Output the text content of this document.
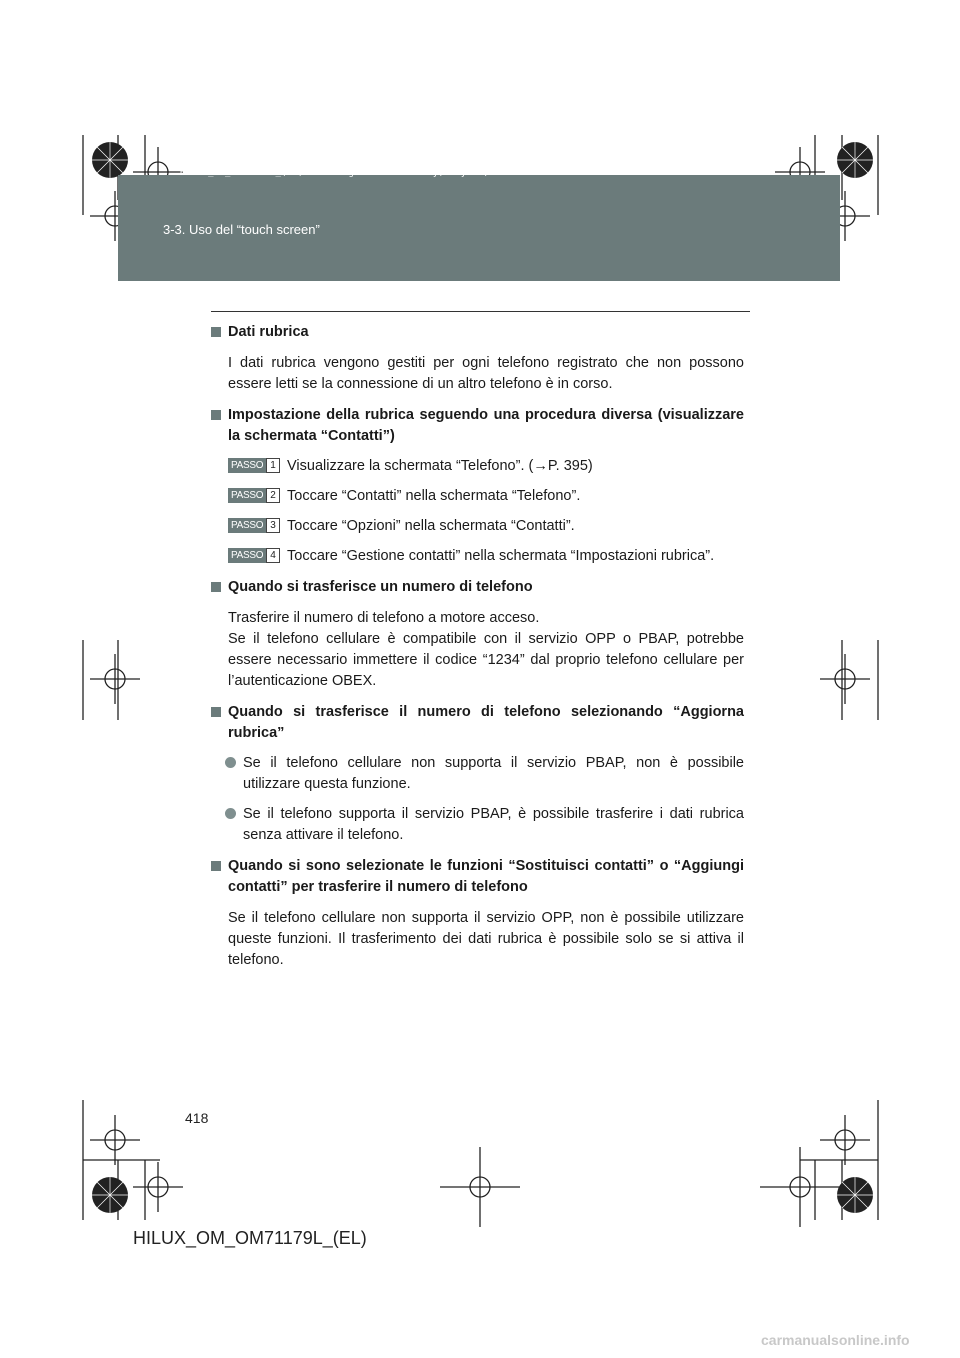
HILUX_OM_OM71179L_(EL).book Page 418 Wednesday, May 16, 2012 11:37 AM
3-3. Uso del “touch screen”
Dati rubrica
I dati rubrica vengono gestiti per ogni telefono registrato che non possono essere letti se la connessione di un altro telefono è in corso.
Impostazione della rubrica seguendo una procedura diversa (visualizzare la schermata “Contatti”)
PASSO 1 Visualizzare la schermata “Telefono”. (→P. 395)
PASSO 2 Toccare “Contatti” nella schermata “Telefono”.
PASSO 3 Toccare “Opzioni” nella schermata “Contatti”.
PASSO 4 Toccare “Gestione contatti” nella schermata “Impostazioni rubrica”.
Quando si trasferisce un numero di telefono
Trasferire il numero di telefono a motore acceso.
Se il telefono cellulare è compatibile con il servizio OPP o PBAP, potrebbe essere necessario immettere il codice “1234” dal proprio telefono cellulare per l’autenticazione OBEX.
Quando si trasferisce il numero di telefono selezionando “Aggiorna rubrica”
Se il telefono cellulare non supporta il servizio PBAP, non è possibile utilizzare questa funzione.
Se il telefono supporta il servizio PBAP, è possibile trasferire i dati rubrica senza attivare il telefono.
Quando si sono selezionate le funzioni “Sostituisci contatti” o “Aggiungi contatti” per trasferire il numero di telefono
Se il telefono cellulare non supporta il servizio OPP, non è possibile utilizzare queste funzioni. Il trasferimento dei dati rubrica è possibile solo se si attiva il telefono.
418
HILUX_OM_OM71179L_(EL)
carmanualsonline.info
